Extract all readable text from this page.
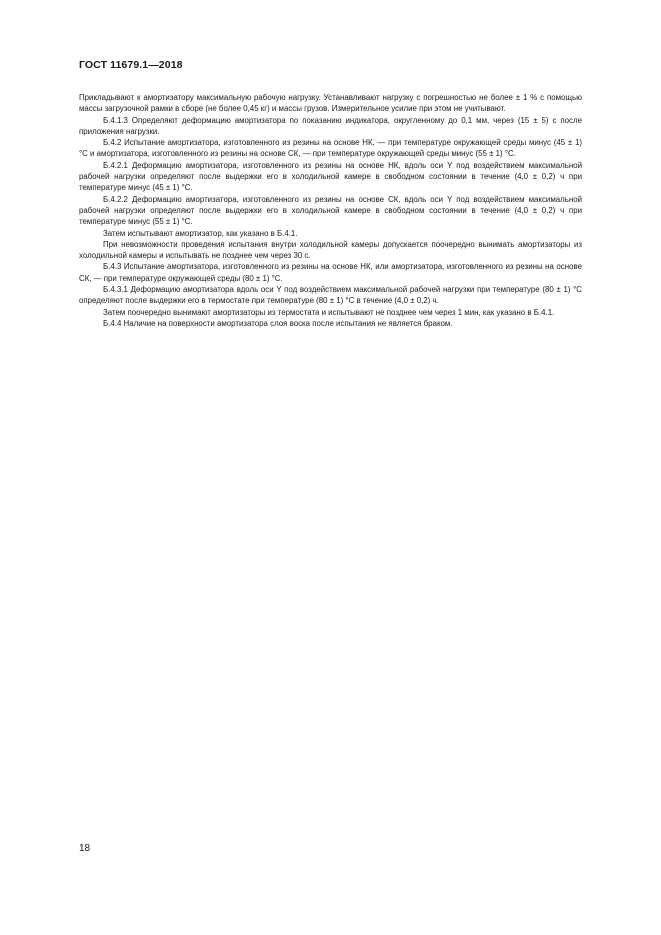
ГОСТ 11679.1—2018

Прикладывают к амортизатору максимальную рабочую нагрузку. Устанавливают нагрузку с погрешностью не более ± 1 % с помощью массы загрузочной рамки в сборе (не более 0,45 кг) и массы грузов. Измерительное усилие при этом не учитывают.

Б.4.1.3 Определяют деформацию амортизатора по показанию индикатора, округленному до 0,1 мм, через (15 ± 5) с после приложения нагрузки.

Б.4.2 Испытание амортизатора, изготовленного из резины на основе НК, — при температуре окружающей среды минус (45 ± 1) °С и амортизатора, изготовленного из резины на основе СК, — при температуре окружающей среды минус (55 ± 1) °С.

Б.4.2.1 Деформацию амортизатора, изготовленного из резины на основе НК, вдоль оси Y под воздействием максимальной рабочей нагрузки определяют после выдержки его в холодильной камере в свободном состоянии в течение (4,0 ± 0,2) ч при температуре минус (45 ± 1) °С.

Б.4.2.2 Деформацию амортизатора, изготовленного из резины на основе СК, вдоль оси Y под воздействием максимальной рабочей нагрузки определяют после выдержки его в холодильной камере в свободном состоянии в течение (4,0 ± 0,2) ч при температуре минус (55 ± 1) °С.

Затем испытывают амортизатор, как указано в Б.4.1.

При невозможности проведения испытания внутри холодильной камеры допускается поочередно вынимать амортизаторы из холодильной камеры и испытывать не позднее чем через 30 с.

Б.4.3 Испытание амортизатора, изготовленного из резины на основе НК, или амортизатора, изготовленного из резины на основе СК, — при температуре окружающей среды (80 ± 1) °С.

Б.4.3.1 Деформацию амортизатора вдоль оси Y под воздействием максимальной рабочей нагрузки при температуре (80 ± 1) °С определяют после выдержки его в термостате при температуре (80 ± 1) °С в течение (4,0 ± 0,2) ч.

Затем поочередно вынимают амортизаторы из термостата и испытывают не позднее чем через 1 мин, как указано в Б.4.1.

Б.4.4 Наличие на поверхности амортизатора слоя воска после испытания не является браком.

18
